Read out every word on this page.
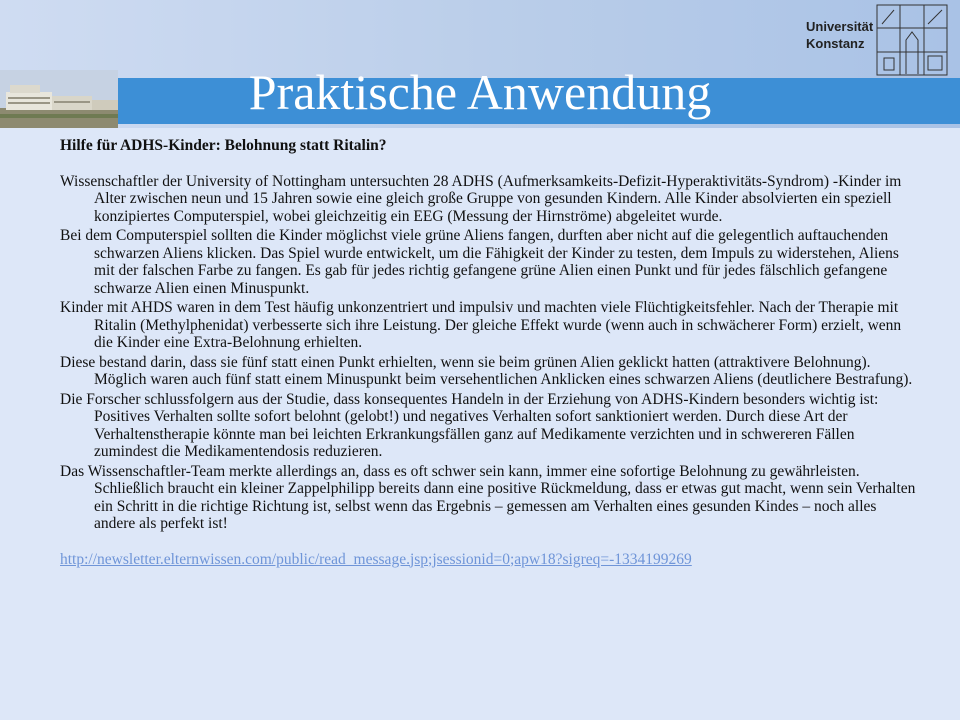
Universität
Konstanz
Praktische Anwendung

Hilfe für ADHS-Kinder: Belohnung statt Ritalin?

Wissenschaftler der University of Nottingham untersuchten 28 ADHS (Aufmerksamkeits-Defizit-Hyperaktivitäts-Syndrom) -Kinder im Alter zwischen neun und 15 Jahren sowie eine gleich große Gruppe von gesunden Kindern. Alle Kinder absolvierten ein speziell konzipiertes Computerspiel, wobei gleichzeitig ein EEG (Messung der Hirnströme) abgeleitet wurde.

Bei dem Computerspiel sollten die Kinder möglichst viele grüne Aliens fangen, durften aber nicht auf die gelegentlich auftauchenden schwarzen Aliens klicken. Das Spiel wurde entwickelt, um die Fähigkeit der Kinder zu testen, dem Impuls zu widerstehen, Aliens mit der falschen Farbe zu fangen. Es gab für jedes richtig gefangene grüne Alien einen Punkt und für jedes fälschlich gefangene schwarze Alien einen Minuspunkt.

Kinder mit AHDS waren in dem Test häufig unkonzentriert und impulsiv und machten viele Flüchtigkeitsfehler. Nach der Therapie mit Ritalin (Methylphenidat) verbesserte sich ihre Leistung. Der gleiche Effekt wurde (wenn auch in schwächerer Form) erzielt, wenn die Kinder eine Extra-Belohnung erhielten.

Diese bestand darin, dass sie fünf statt einen Punkt erhielten, wenn sie beim grünen Alien geklickt hatten (attraktivere Belohnung). Möglich waren auch fünf statt einem Minuspunkt beim versehentlichen Anklicken eines schwarzen Aliens (deutlichere Bestrafung).

Die Forscher schlussfolgern aus der Studie, dass konsequentes Handeln in der Erziehung von ADHS-Kindern besonders wichtig ist: Positives Verhalten sollte sofort belohnt (gelobt!) und negatives Verhalten sofort sanktioniert werden. Durch diese Art der Verhaltenstherapie könnte man bei leichten Erkrankungsfällen ganz auf Medikamente verzichten und in schwereren Fällen zumindest die Medikamentendosis reduzieren.

Das Wissenschaftler-Team merkte allerdings an, dass es oft schwer sein kann, immer eine sofortige Belohnung zu gewährleisten. Schließlich braucht ein kleiner Zappelphilipp bereits dann eine positive Rückmeldung, dass er etwas gut macht, wenn sein Verhalten ein Schritt in die richtige Richtung ist, selbst wenn das Ergebnis – gemessen am Verhalten eines gesunden Kindes – noch alles andere als perfekt ist!

http://newsletter.elternwissen.com/public/read_message.jsp;jsessionid=0;apw18?sigreq=-1334199269
